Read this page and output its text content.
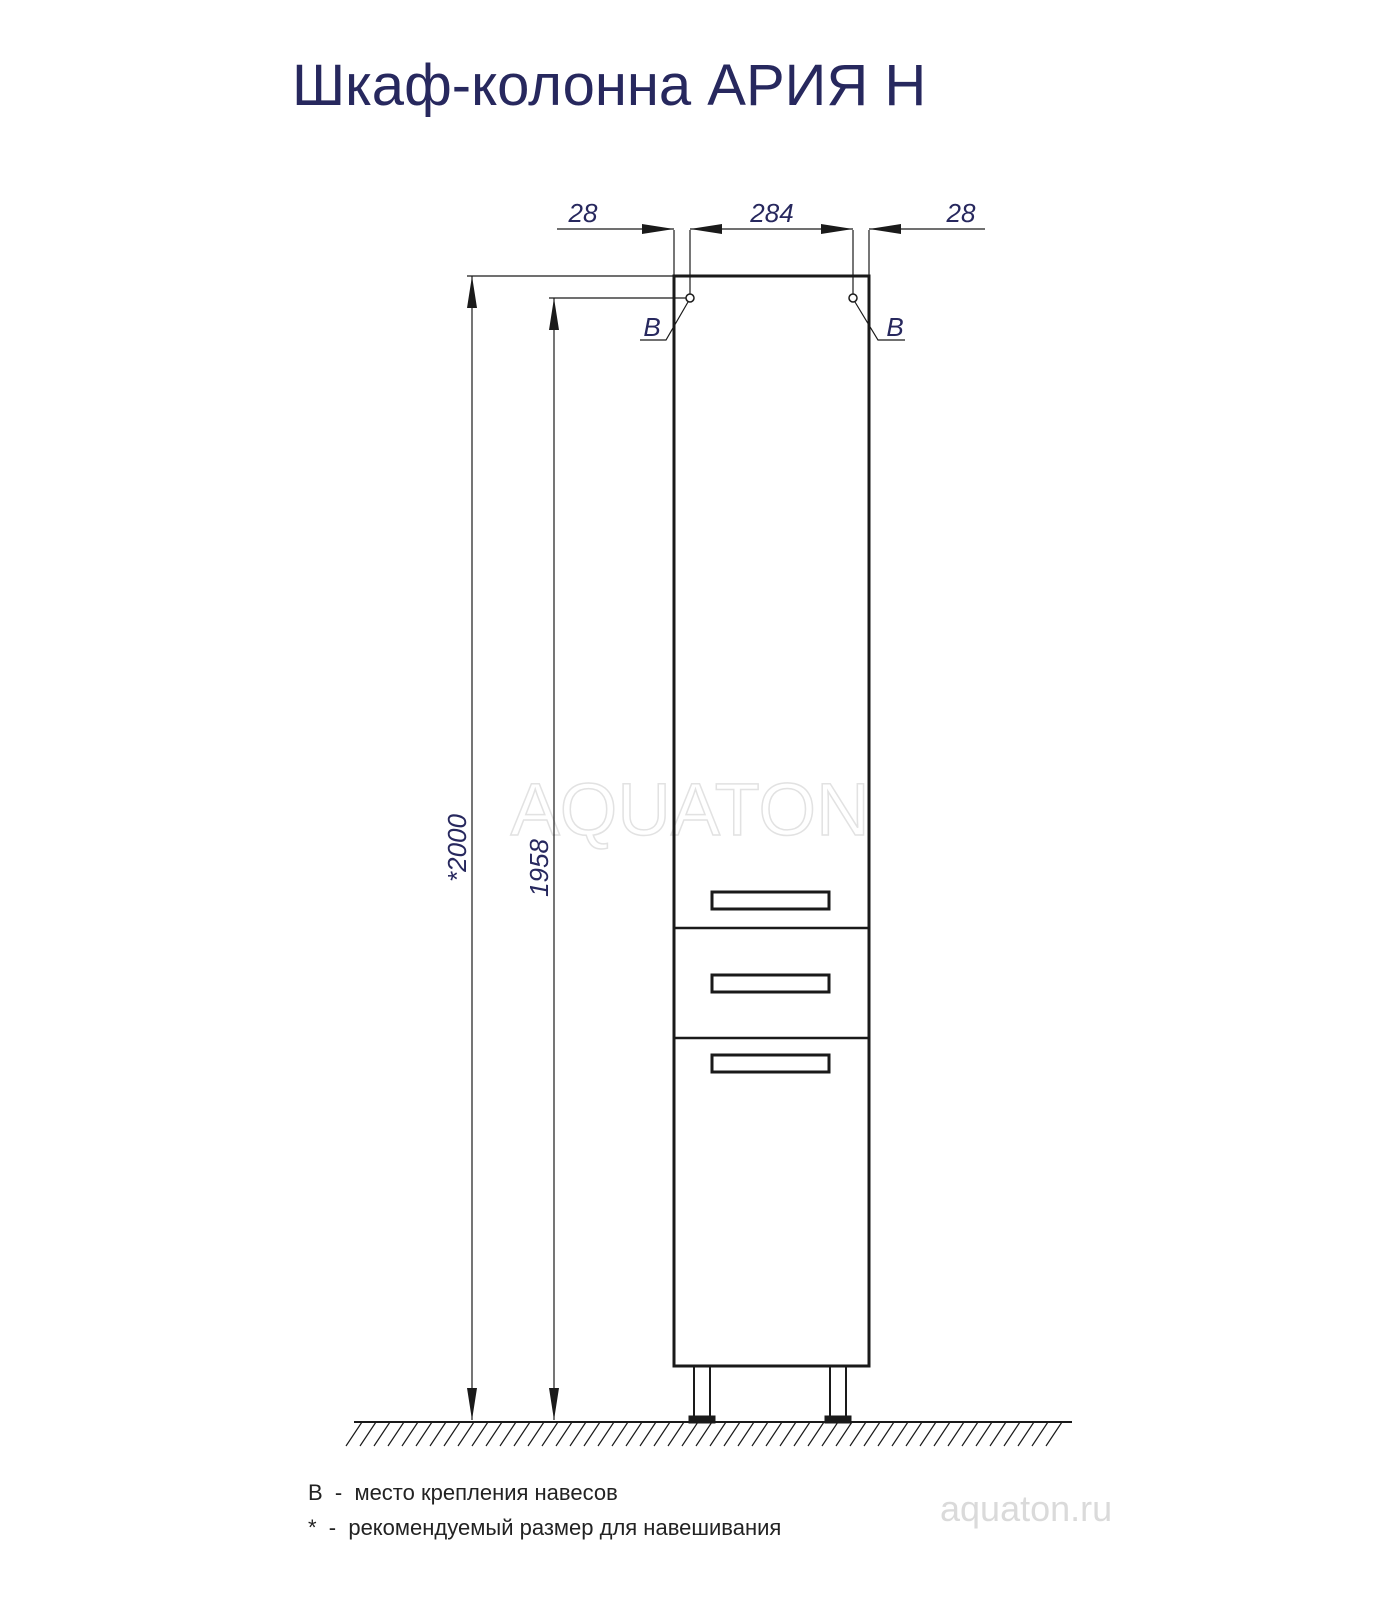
Шкаф-колонна АРИЯ Н
AQUATON
28	284	28
*2000 1958
B	B
B  -  место крепления навесов
*  -  рекомендуемый размер для навешивания	aquaton.ru
